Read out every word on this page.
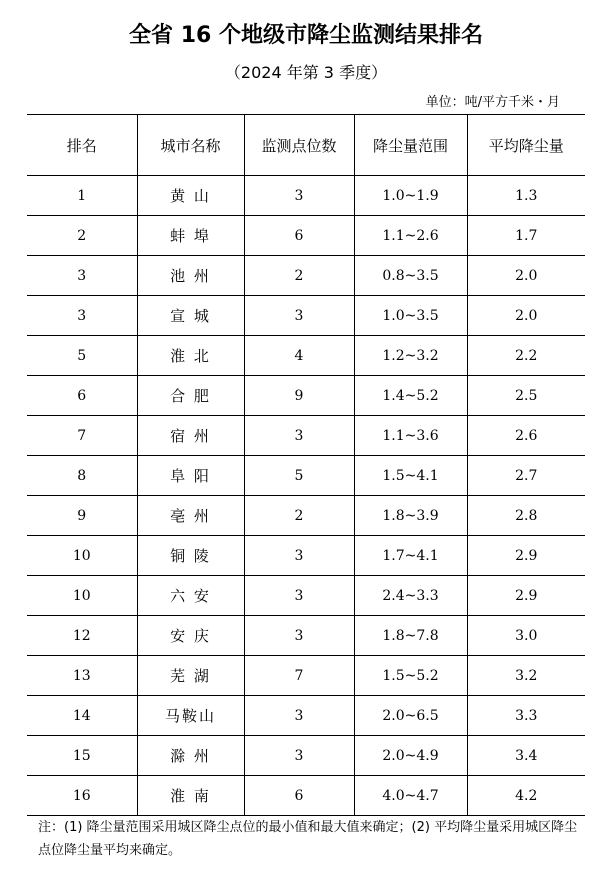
全省 16 个地级市降尘监测结果排名
（2024 年第 3 季度）
单位：吨/平方千米・月
排名	城市名称	监测点位数	降尘量范围	平均降尘量
1	黄 山	3	1.0~1.9	1.3
2	蚌 埠	6	1.1~2.6	1.7
3	池 州	2	0.8~3.5	2.0
3	宣 城	3	1.0~3.5	2.0
5	淮 北	4	1.2~3.2	2.2
6	合 肥	9	1.4~5.2	2.5
7	宿 州	3	1.1~3.6	2.6
8	阜 阳	5	1.5~4.1	2.7
9	亳 州	2	1.8~3.9	2.8
10	铜 陵	3	1.7~4.1	2.9
10	六 安	3	2.4~3.3	2.9
12	安 庆	3	1.8~7.8	3.0
13	芜 湖	7	1.5~5.2	3.2
14	马鞍山	3	2.0~6.5	3.3
15	滁 州	3	2.0~4.9	3.4
16	淮 南	6	4.0~4.7	4.2
注：(1) 降尘量范围采用城区降尘点位的最小值和最大值来确定；(2) 平均降尘量采用城区降尘点位降尘量平均来确定。
